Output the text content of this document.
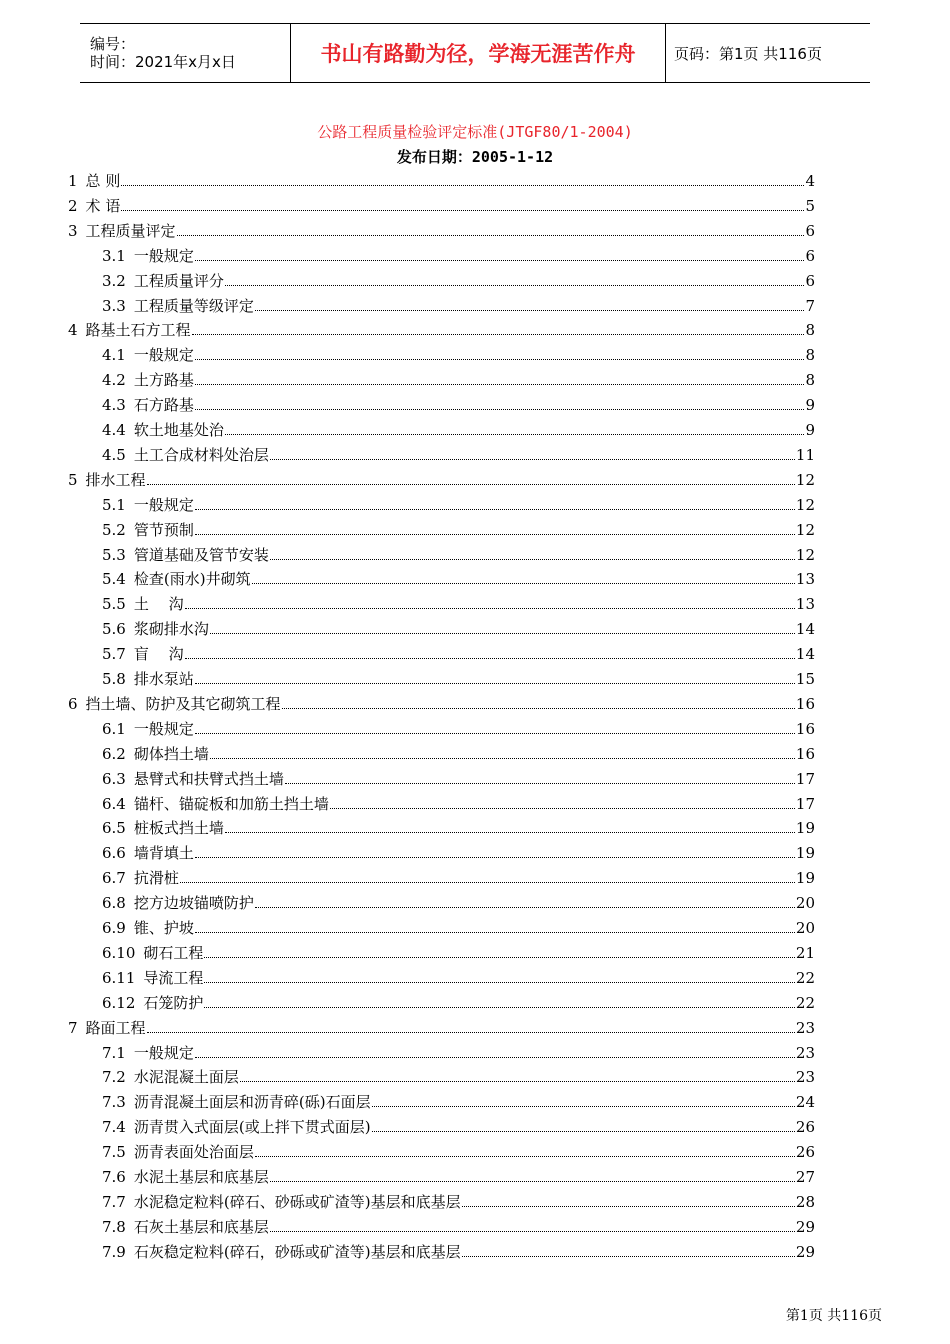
编号：
时间：2021年x月x日	书山有路勤为径，学海无涯苦作舟	页码：第1页 共116页
公路工程质量检验评定标准(JTGF80/1-2004)
发布日期：2005-1-12
1 总 则	4
2 术 语	5
3 工程质量评定	6
3.1 一般规定	6
3.2 工程质量评分	6
3.3 工程质量等级评定	7
4 路基土石方工程	8
4.1 一般规定	8
4.2 土方路基	8
4.3 石方路基	9
4.4 软土地基处治	9
4.5 土工合成材料处治层	11
5 排水工程	12
5.1 一般规定	12
5.2 管节预制	12
5.3 管道基础及管节安装	12
5.4 检查(雨水)井砌筑	13
5.5 土　 沟	13
5.6 浆砌排水沟	14
5.7 盲　 沟	14
5.8 排水泵站	15
6 挡土墙、防护及其它砌筑工程	16
6.1 一般规定	16
6.2 砌体挡土墙	16
6.3 悬臂式和扶臂式挡土墙	17
6.4 锚杆、锚碇板和加筋土挡土墙	17
6.5 桩板式挡土墙	19
6.6 墙背填土	19
6.7 抗滑桩	19
6.8 挖方边坡锚喷防护	20
6.9 锥、护坡	20
6.10 砌石工程	21
6.11 导流工程	22
6.12 石笼防护	22
7 路面工程	23
7.1 一般规定	23
7.2 水泥混凝土面层	23
7.3 沥青混凝土面层和沥青碎(砾)石面层	24
7.4 沥青贯入式面层(或上拌下贯式面层)	26
7.5 沥青表面处治面层	26
7.6 水泥土基层和底基层	27
7.7 水泥稳定粒料(碎石、砂砾或矿渣等)基层和底基层	28
7.8 石灰土基层和底基层	29
7.9 石灰稳定粒料(碎石，砂砾或矿渣等)基层和底基层	29
第1页 共116页
